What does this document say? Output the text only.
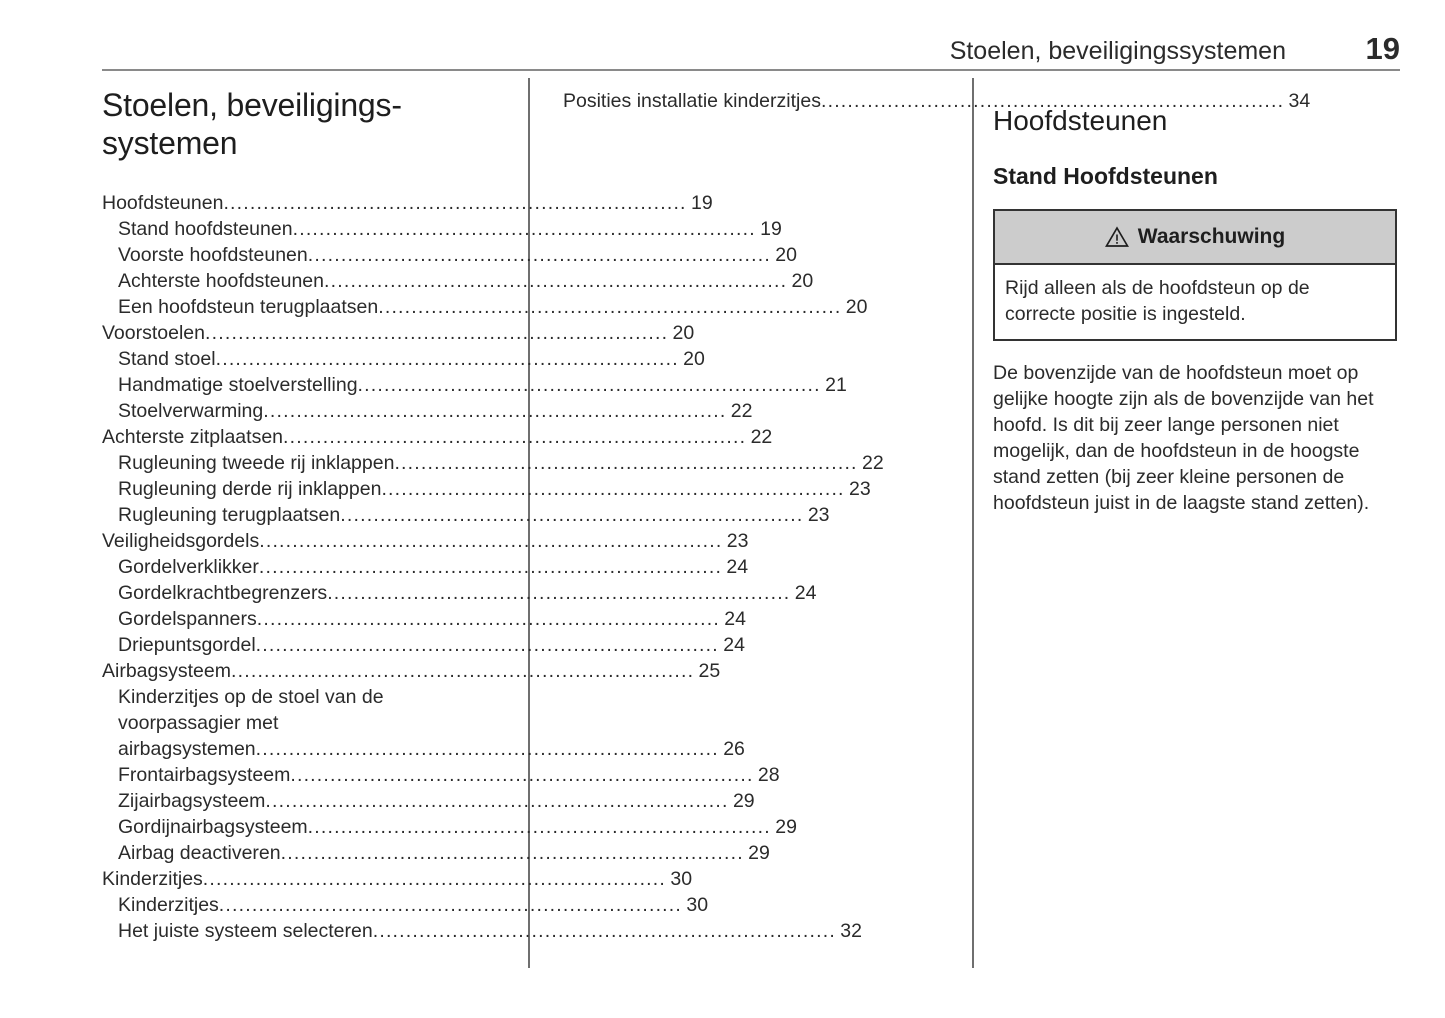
Stoelen, beveiligingssystemen	19
Stoelen, beveiligings-
systemen
Hoofdsteunen ...................................................................... 19
Stand hoofdsteunen ...................................................................... 19
Voorste hoofdsteunen ...................................................................... 20
Achterste hoofdsteunen ...................................................................... 20
Een hoofdsteun terugplaatsen ...................................................................... 20
Voorstoelen ...................................................................... 20
Stand stoel ...................................................................... 20
Handmatige stoelverstelling ...................................................................... 21
Stoelverwarming ...................................................................... 22
Achterste zitplaatsen ...................................................................... 22
Rugleuning tweede rij inklappen ...................................................................... 22
Rugleuning derde rij inklappen ...................................................................... 23
Rugleuning terugplaatsen ...................................................................... 23
Veiligheidsgordels ...................................................................... 23
Gordelverklikker ...................................................................... 24
Gordelkrachtbegrenzers ...................................................................... 24
Gordelspanners ...................................................................... 24
Driepuntsgordel ...................................................................... 24
Airbagsysteem ...................................................................... 25
Kinderzitjes op de stoel van de
voorpassagier met
airbagsystemen ...................................................................... 26
Frontairbagsysteem ...................................................................... 28
Zijairbagsysteem ...................................................................... 29
Gordijnairbagsysteem ...................................................................... 29
Airbag deactiveren ...................................................................... 29
Kinderzitjes ...................................................................... 30
Kinderzitjes ...................................................................... 30
Het juiste systeem selecteren ...................................................................... 32
Posities installatie kinderzitjes ...................................................................... 34
Hoofdsteunen
Stand Hoofdsteunen
Waarschuwing
Rijd alleen als de hoofdsteun op de correcte positie is ingesteld.

De bovenzijde van de hoofdsteun moet op gelijke hoogte zijn als de bovenzijde van het hoofd. Is dit bij zeer lange personen niet mogelijk, dan de hoofdsteun in de hoogste stand zetten (bij zeer kleine personen de hoofdsteun juist in de laagste stand zetten).
